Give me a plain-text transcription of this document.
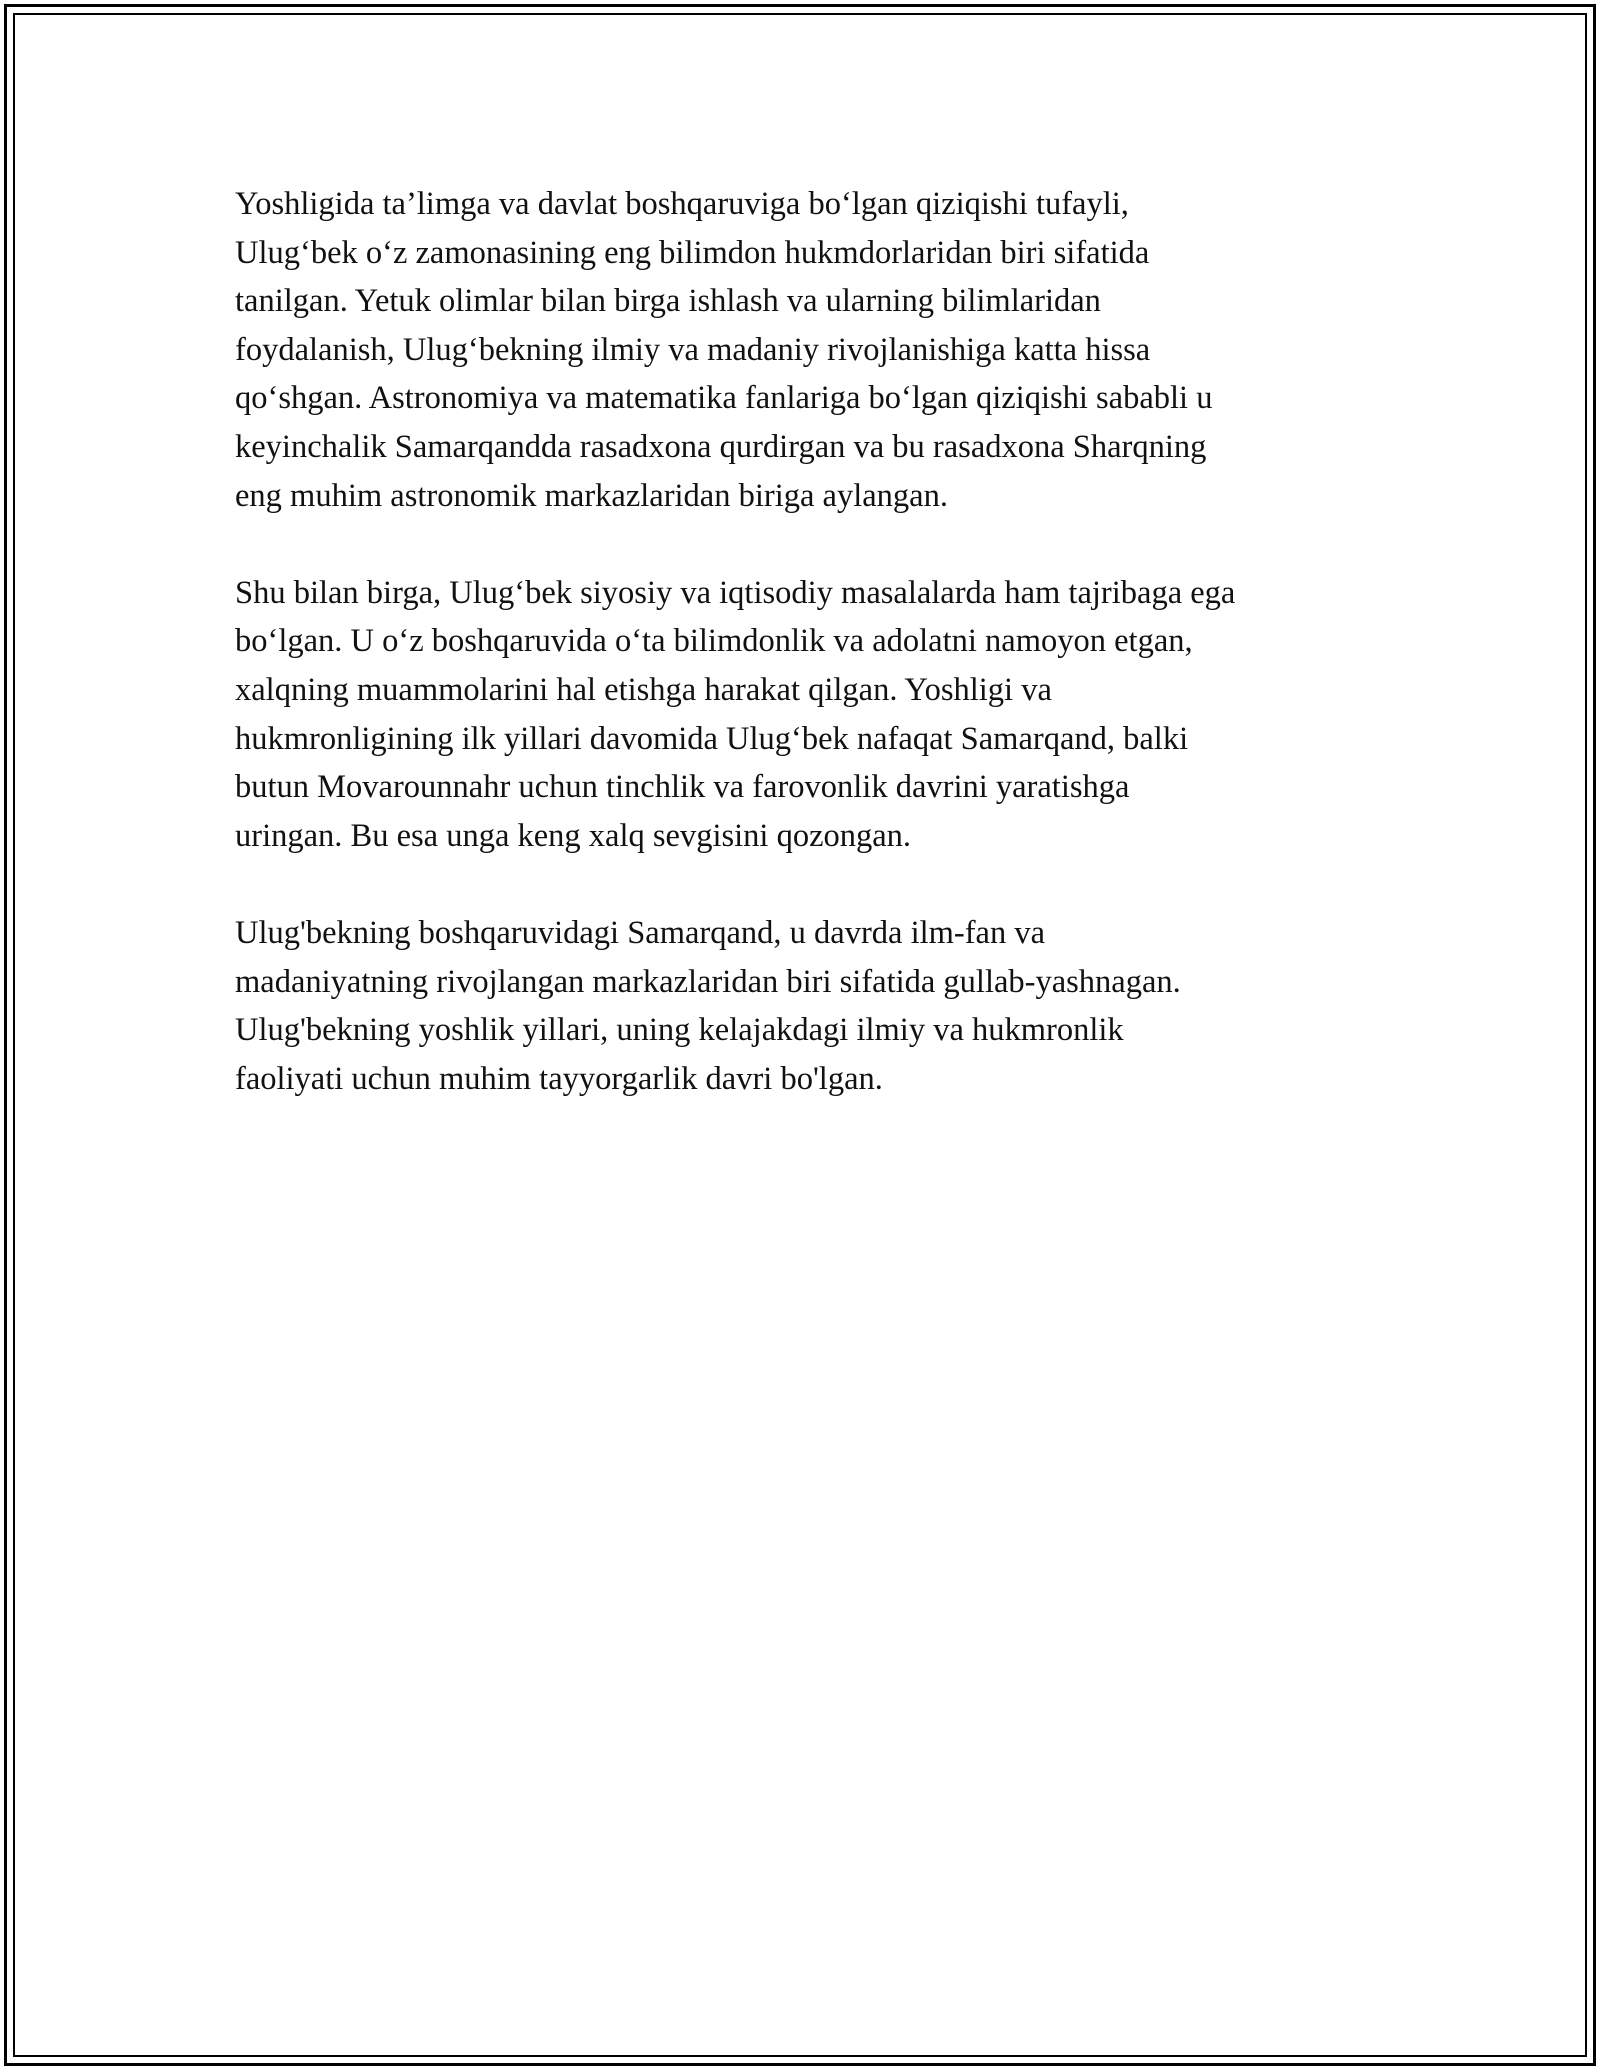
Yoshligida ta’limga va davlat boshqaruviga bo‘lgan qiziqishi tufayli,
Ulug‘bek o‘z zamonasining eng bilimdon hukmdorlaridan biri sifatida
tanilgan. Yetuk olimlar bilan birga ishlash va ularning bilimlaridan
foydalanish, Ulug‘bekning ilmiy va madaniy rivojlanishiga katta hissa
qo‘shgan. Astronomiya va matematika fanlariga bo‘lgan qiziqishi sababli u
keyinchalik Samarqandda rasadxona qurdirgan va bu rasadxona Sharqning
eng muhim astronomik markazlaridan biriga aylangan.

Shu bilan birga, Ulug‘bek siyosiy va iqtisodiy masalalarda ham tajribaga ega
bo‘lgan. U o‘z boshqaruvida o‘ta bilimdonlik va adolatni namoyon etgan,
xalqning muammolarini hal etishga harakat qilgan. Yoshligi va
hukmronligining ilk yillari davomida Ulug‘bek nafaqat Samarqand, balki
butun Movarounnahr uchun tinchlik va farovonlik davrini yaratishga
uringan. Bu esa unga keng xalq sevgisini qozongan.

Ulug'bekning boshqaruvidagi Samarqand, u davrda ilm-fan va
madaniyatning rivojlangan markazlaridan biri sifatida gullab-yashnagan.
Ulug'bekning yoshlik yillari, uning kelajakdagi ilmiy va hukmronlik
faoliyati uchun muhim tayyorgarlik davri bo'lgan.
